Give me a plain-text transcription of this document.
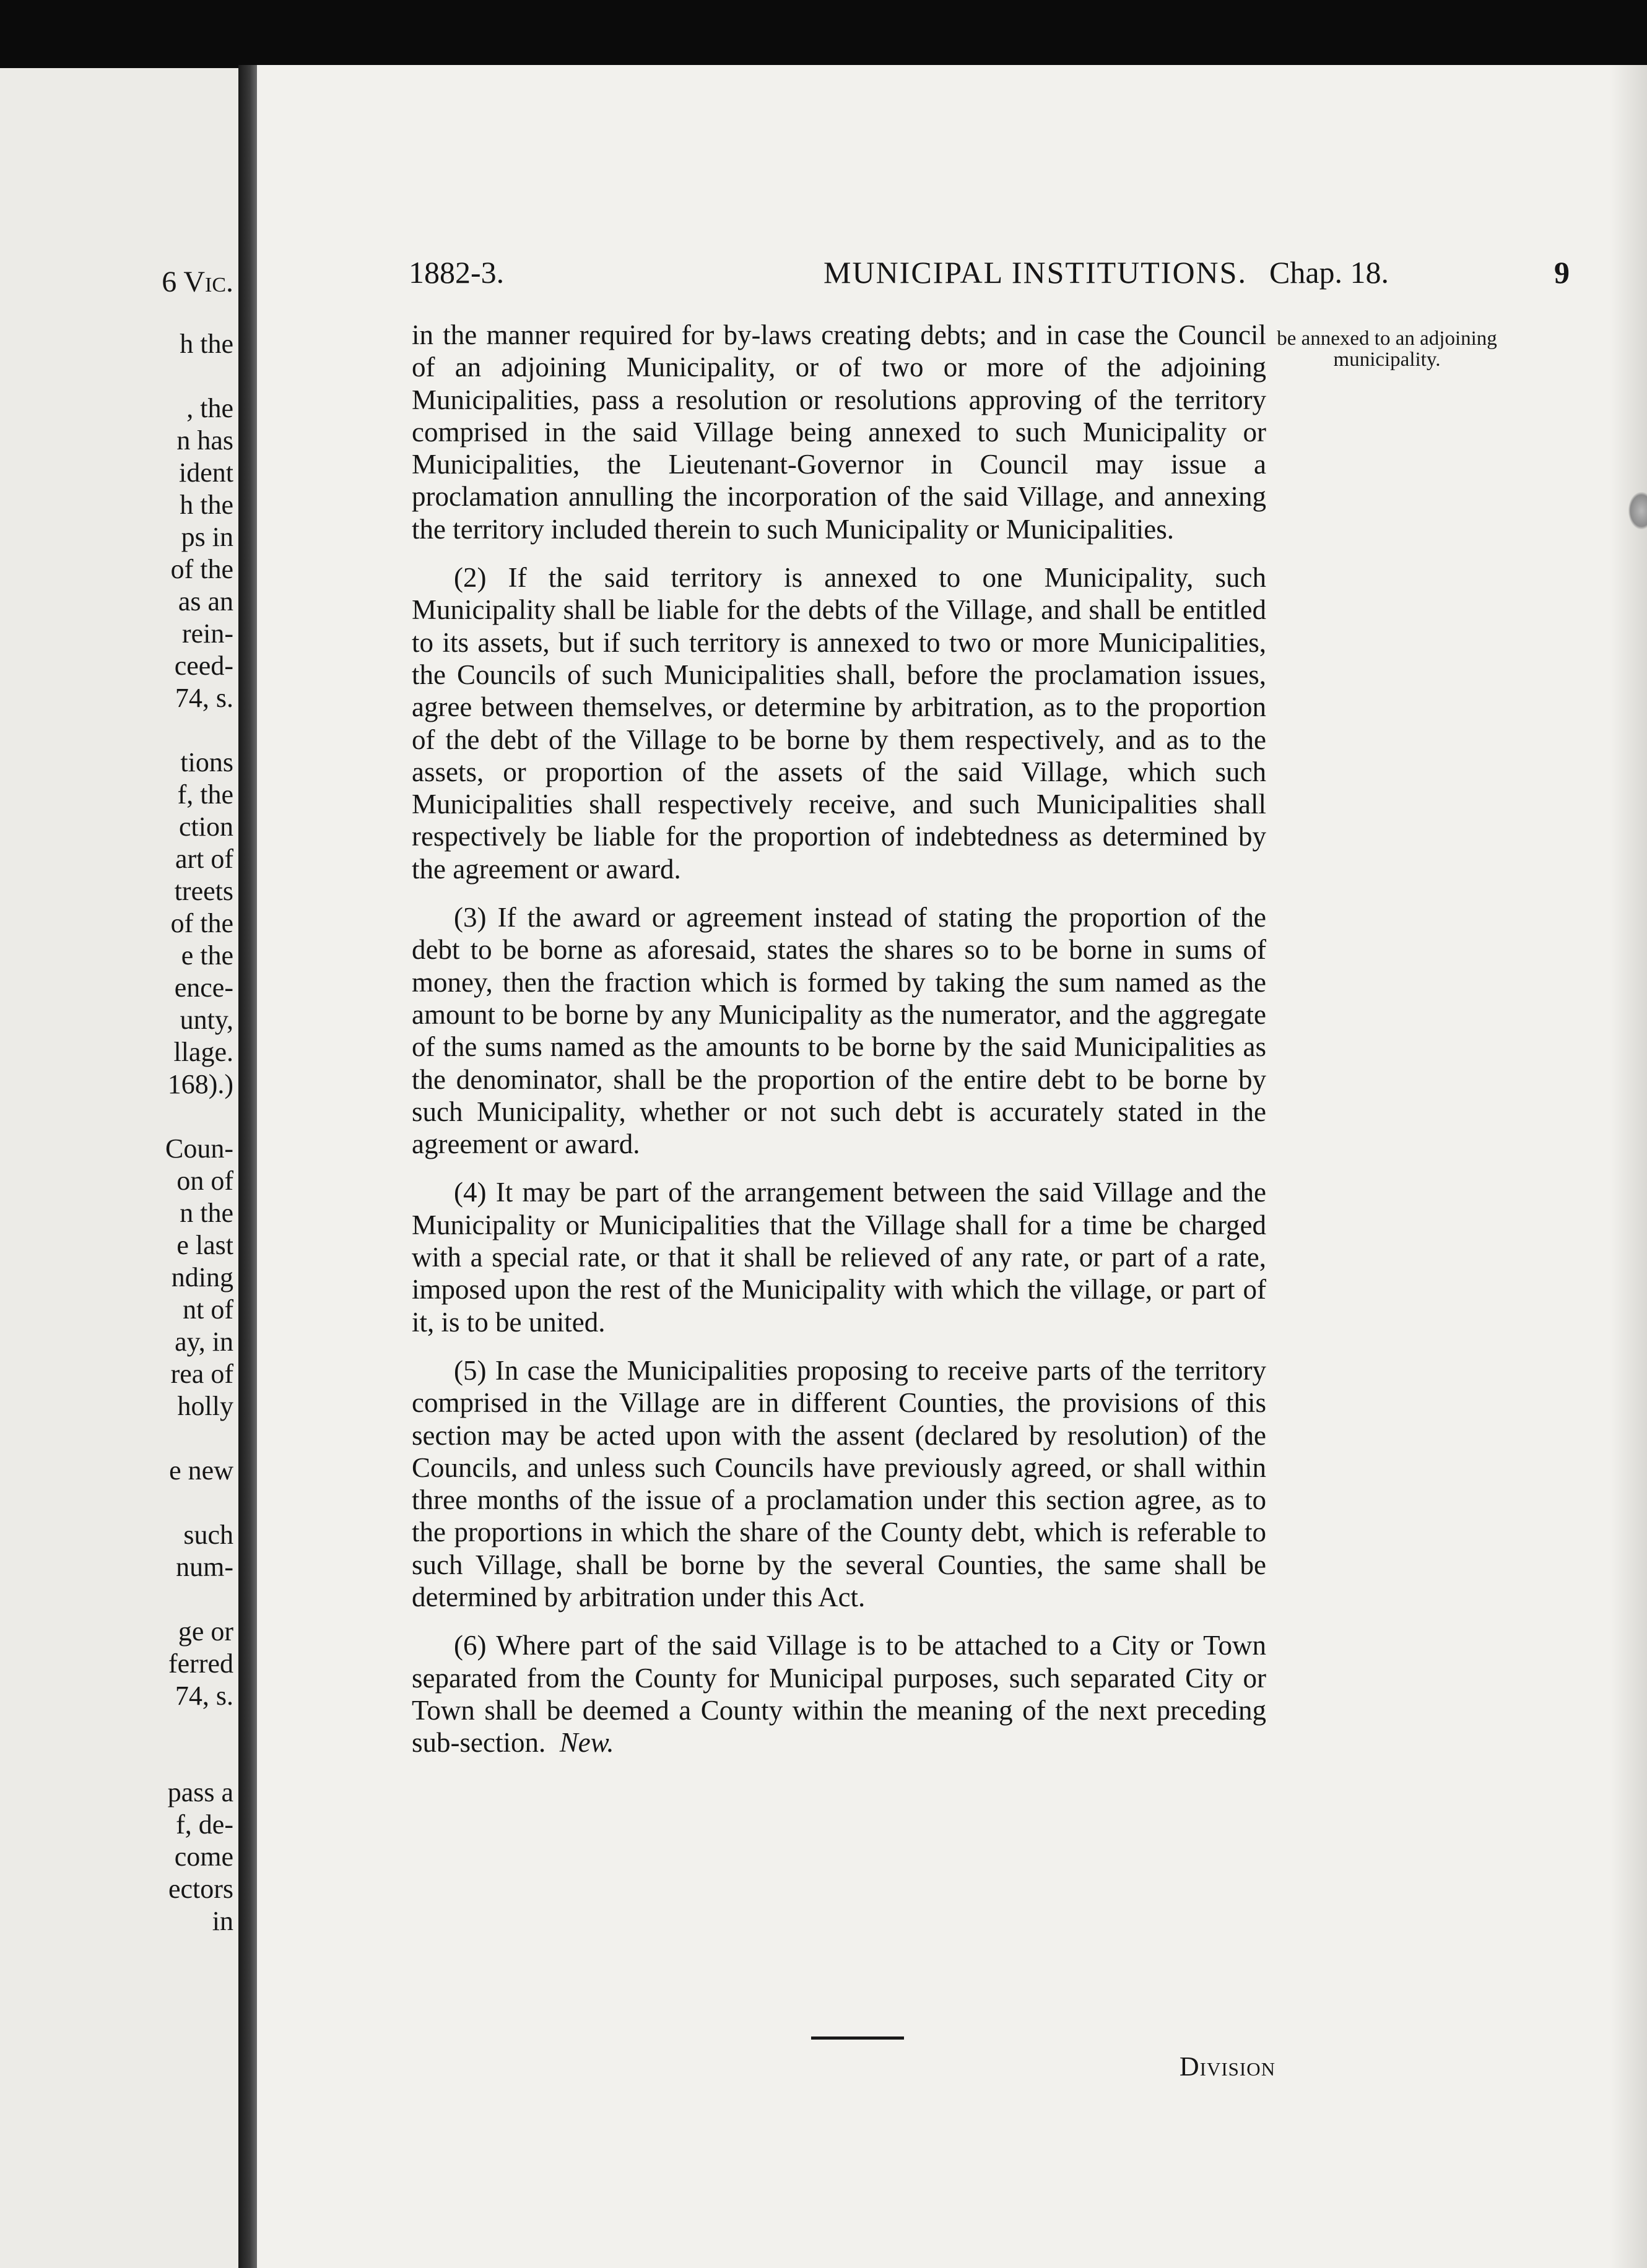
6 Vic.
h the

, the
n has
ident
h the
ps in
of the
as an
rein-
ceed-
74, s.

tions
f, the
ction
art of
treets
of the
e the
ence-
unty,
llage.
168).)

Coun-
on of
n the
e last
nding
nt of
ay, in
rea of
holly

e new

such
num-

ge or
ferred
74, s.

pass a
f, de-
come
ectors
in
1882-3.	MUNICIPAL INSTITUTIONS. Chap. 18.	9

be annexed to an adjoining municipality.

in the manner required for by-laws creating debts; and in case the Council of an adjoining Municipality, or of two or more of the adjoining Municipalities, pass a resolution or resolutions approving of the territory comprised in the said Village being annexed to such Municipality or Municipalities, the Lieutenant-Governor in Council may issue a proclamation annulling the incorporation of the said Village, and annexing the territory included therein to such Municipality or Municipalities.

(2) If the said territory is annexed to one Municipality, such Municipality shall be liable for the debts of the Village, and shall be entitled to its assets, but if such territory is annexed to two or more Municipalities, the Councils of such Municipalities shall, before the proclamation issues, agree between themselves, or determine by arbitration, as to the proportion of the debt of the Village to be borne by them respectively, and as to the assets, or proportion of the assets of the said Village, which such Municipalities shall respectively receive, and such Municipalities shall respectively be liable for the proportion of indebtedness as determined by the agreement or award.

(3) If the award or agreement instead of stating the proportion of the debt to be borne as aforesaid, states the shares so to be borne in sums of money, then the fraction which is formed by taking the sum named as the amount to be borne by any Municipality as the numerator, and the aggregate of the sums named as the amounts to be borne by the said Municipalities as the denominator, shall be the proportion of the entire debt to be borne by such Municipality, whether or not such debt is accurately stated in the agreement or award.

(4) It may be part of the arrangement between the said Village and the Municipality or Municipalities that the Village shall for a time be charged with a special rate, or that it shall be relieved of any rate, or part of a rate, imposed upon the rest of the Municipality with which the village, or part of it, is to be united.

(5) In case the Municipalities proposing to receive parts of the territory comprised in the Village are in different Counties, the provisions of this section may be acted upon with the assent (declared by resolution) of the Councils, and unless such Councils have previously agreed, or shall within three months of the issue of a proclamation under this section agree, as to the proportions in which the share of the County debt, which is referable to such Village, shall be borne by the several Counties, the same shall be determined by arbitration under this Act.

(6) Where part of the said Village is to be attached to a City or Town separated from the County for Municipal purposes, such separated City or Town shall be deemed a County within the meaning of the next preceding sub-section. New.

Division
